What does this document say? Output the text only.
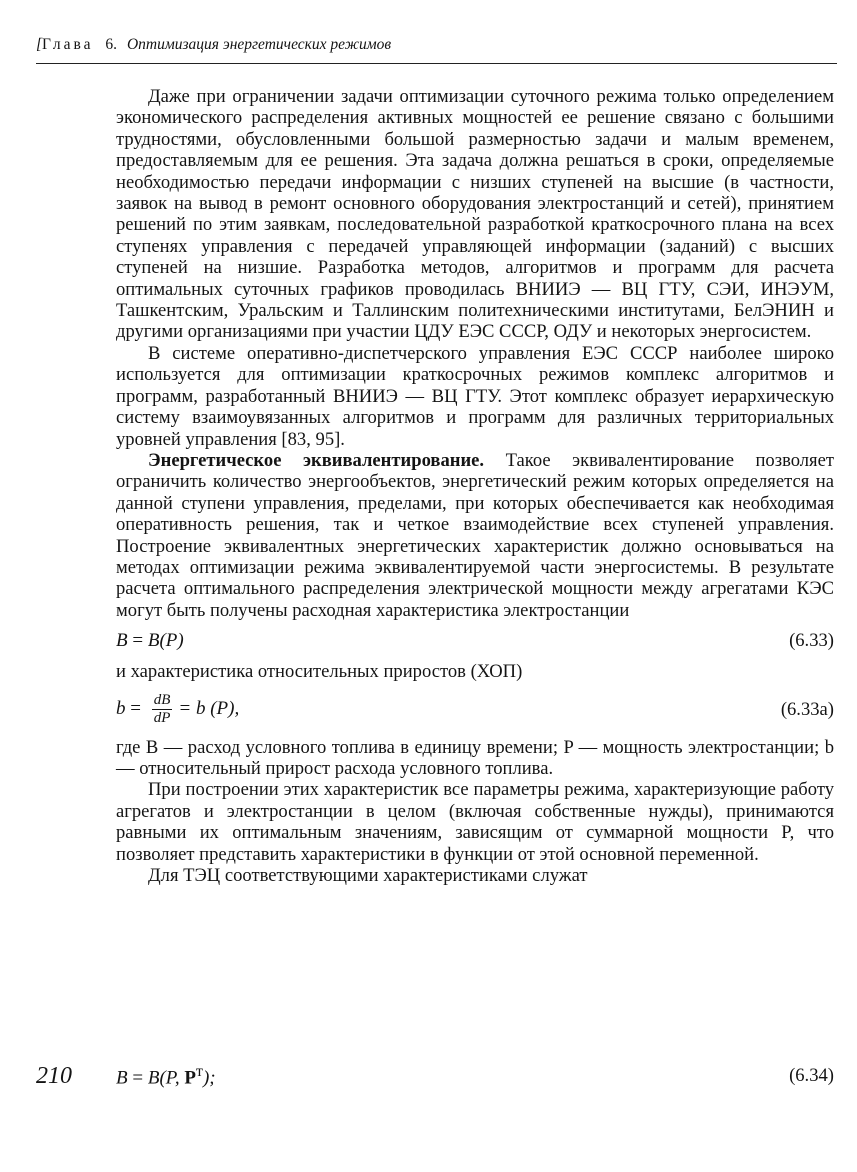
[Глава 6. Оптимизация энергетических режимов

Даже при ограничении задачи оптимизации суточного режима только определением экономического распределения активных мощностей ее решение связано с большими трудностями, обусловленными большой размерностью задачи и малым временем, предоставляемым для ее решения. Эта задача должна решаться в сроки, определяемые необходимостью передачи информации с низших ступеней на высшие (в частности, заявок на вывод в ремонт основного оборудования электростанций и сетей), принятием решений по этим заявкам, последовательной разработкой краткосрочного плана на всех ступенях управления с передачей управляющей информации (заданий) с высших ступеней на низшие. Разработка методов, алгоритмов и программ для расчета оптимальных суточных графиков проводилась ВНИИЭ — ВЦ ГТУ, СЭИ, ИНЭУМ, Ташкентским, Уральским и Таллинским политехническими институтами, БелЭНИН и другими организациями при участии ЦДУ ЕЭС СССР, ОДУ и некоторых энергосистем.

В системе оперативно-диспетчерского управления ЕЭС СССР наиболее широко используется для оптимизации краткосрочных режимов комплекс алгоритмов и программ, разработанный ВНИИЭ — ВЦ ГТУ. Этот комплекс образует иерархическую систему взаимоувязанных алгоритмов и программ для различных территориальных уровней управления [83, 95].

Энергетическое эквивалентирование. Такое эквивалентирование позволяет ограничить количество энергообъектов, энергетический режим которых определяется на данной ступени управления, пределами, при которых обеспечивается как необходимая оперативность решения, так и четкое взаимодействие всех ступеней управления. Построение эквивалентных энергетических характеристик должно основываться на методах оптимизации режима эквивалентируемой части энергосистемы. В результате расчета оптимального распределения электрической мощности между агрегатами КЭС могут быть получены расходная характеристика электростанции

B = B(P)	(6.33)

и характеристика относительных приростов (ХОП)

$b = \frac{dB}{dP} = b$ (P),	(6.33a)

где B — расход условного топлива в единицу времени; P — мощность электростанции; b — относительный прирост расхода условного топлива.

При построении этих характеристик все параметры режима, характеризующие работу агрегатов и электростанции в целом (включая собственные нужды), принимаются равными их оптимальным значениям, зависящим от суммарной мощности P, что позволяет представить характеристики в функции от этой основной переменной.

Для ТЭЦ соответствующими характеристиками служат

210 B = B(P, $P^т$);	(6.34)
